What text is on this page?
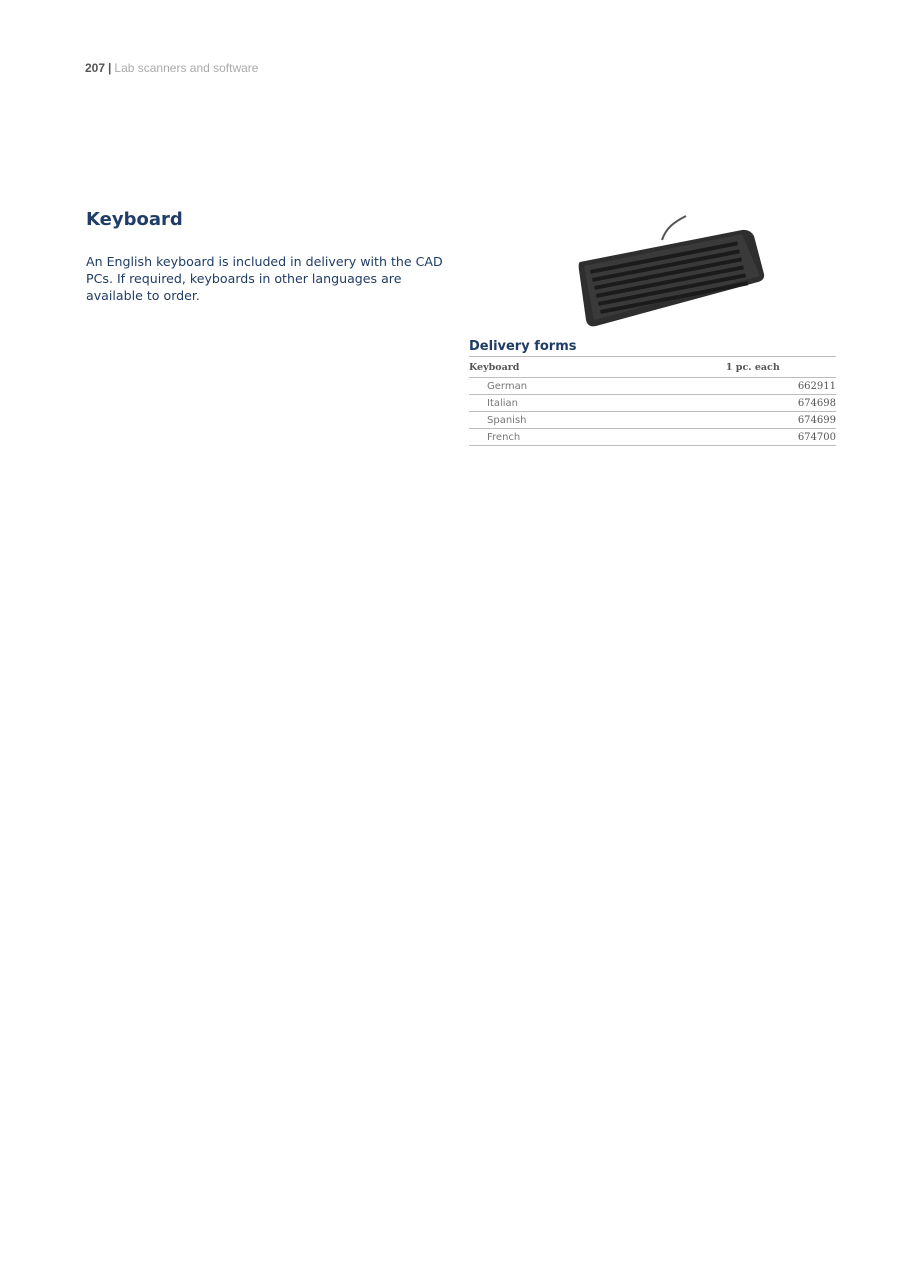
207 | Lab scanners and software
Keyboard

An English keyboard is included in delivery with the CAD PCs. If required, keyboards in other languages are available to order.

Delivery forms
Keyboard	1 pc. each
German	662911
Italian	674698
Spanish	674699
French	674700
